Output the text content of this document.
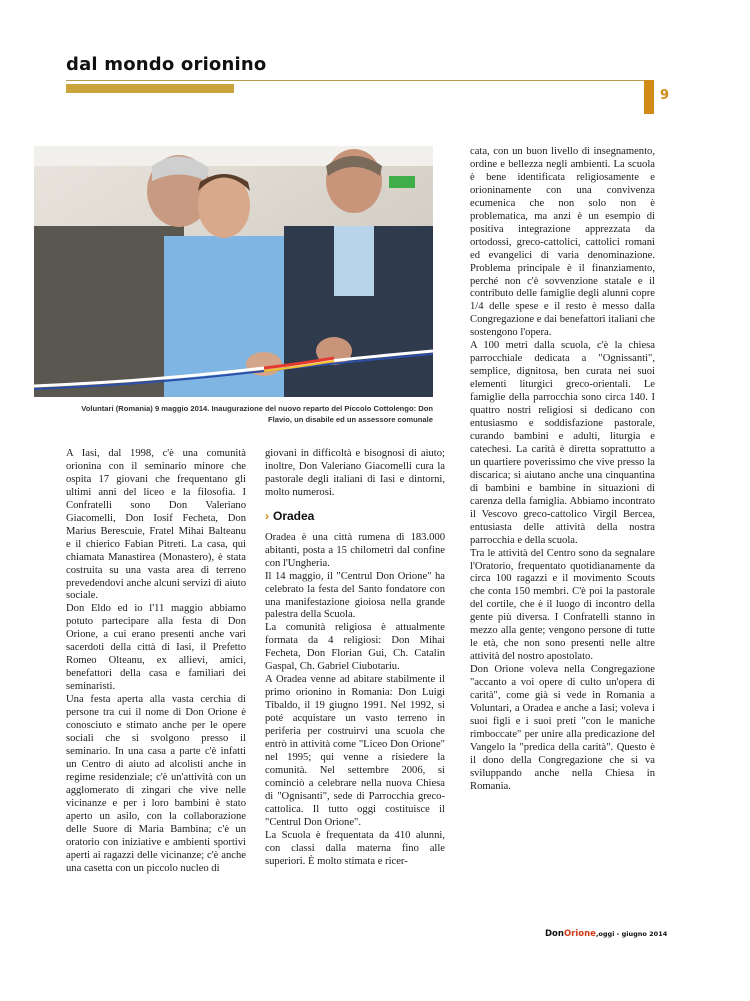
dal mondo orionino
9
Voluntari (Romania) 9 maggio 2014. Inaugurazione del nuovo reparto del Piccolo Cottolengo: Don Flavio, un disabile ed un assessore comunale

A Iasi, dal 1998, c'è una comunità orionina con il seminario minore che ospita 17 giovani che frequentano gli ultimi anni del liceo e la filosofia. I Confratelli sono Don Valeriano Giacomelli, Don Iosif Fecheta, Don Marius Berescuie, Fratel Mihai Balteanu e il chierico Fabian Pitreti. La casa, qui chiamata Manastirea (Monastero), è stata costruita su una vasta area di terreno prevedendovi anche alcuni servizi di aiuto sociale.

Don Eldo ed io l'11 maggio abbiamo potuto partecipare alla festa di Don Orione, a cui erano presenti anche vari sacerdoti della città di Iasi, il Prefetto Romeo Olteanu, ex allievi, amici, benefattori della casa e familiari dei seminaristi.

Una festa aperta alla vasta cerchia di persone tra cui il nome di Don Orione è conosciuto e stimato anche per le opere sociali che si svolgono presso il seminario. In una casa a parte c'è infatti un Centro di aiuto ad alcolisti anche in regime residenziale; c'è un'attività con un agglomerato di zingari che vive nelle vicinanze e per i loro bambini è stato aperto un asilo, con la collaborazione delle Suore di Maria Bambina; c'è un oratorio con iniziative e ambienti sportivi aperti ai ragazzi delle vicinanze; c'è anche una casetta con un piccolo nucleo di

giovani in difficoltà e bisognosi di aiuto; inoltre, Don Valeriano Giacomelli cura la pastorale degli italiani di Iasi e dintorni, molto numerosi.

› Oradea

Oradea è una città rumena di 183.000 abitanti, posta a 15 chilometri dal confine con l'Ungheria.

Il 14 maggio, il "Centrul Don Orione" ha celebrato la festa del Santo fondatore con una manifestazione gioiosa nella grande palestra della Scuola.

La comunità religiosa è attualmente formata da 4 religiosi: Don Mihai Fecheta, Don Florian Gui, Ch. Catalin Gaspal, Ch. Gabriel Ciubotariu.

A Oradea venne ad abitare stabilmente il primo orionino in Romania: Don Luigi Tibaldo, il 19 giugno 1991. Nel 1992, si poté acquistare un vasto terreno in periferia per costruirvi una scuola che entrò in attività come "Liceo Don Orione" nel 1995; qui venne a risiedere la comunità. Nel settembre 2006, si cominciò a celebrare nella nuova Chiesa di "Ognisanti", sede di Parrocchia greco-cattolica. Il tutto oggi costituisce il "Centrul Don Orione".

La Scuola è frequentata da 410 alunni, con classi dalla materna fino alle superiori. È molto stimata e ricer-

cata, con un buon livello di insegnamento, ordine e bellezza negli ambienti. La scuola è bene identificata religiosamente e orioninamente con una convivenza ecumenica che non solo non è problematica, ma anzi è un esempio di positiva integrazione apprezzata da ortodossi, greco-cattolici, cattolici romani ed evangelici di varia denominazione. Problema principale è il finanziamento, perché non c'è sovvenzione statale e il contributo delle famiglie degli alunni copre 1/4 delle spese e il resto è messo dalla Congregazione e dai benefattori italiani che sostengono l'opera.

A 100 metri dalla scuola, c'è la chiesa parrocchiale dedicata a "Ognissanti", semplice, dignitosa, ben curata nei suoi elementi liturgici greco-orientali. Le famiglie della parrocchia sono circa 140. I quattro nostri religiosi si dedicano con entusiasmo e soddisfazione pastorale, curando bambini e adulti, liturgia e catechesi. La carità è diretta soprattutto a un quartiere poverissimo che vive presso la discarica; si aiutano anche una cinquantina di bambini e bambine in situazioni di carenza della famiglia. Abbiamo incontrato il Vescovo greco-cattolico Virgil Bercea, entusiasta delle attività della nostra parrocchia e della scuola.

Tra le attività del Centro sono da segnalare l'Oratorio, frequentato quotidianamente da circa 100 ragazzi e il movimento Scouts che conta 150 membri. C'è poi la pastorale del cortile, che è il luogo di incontro della gente più diversa. I Confratelli stanno in mezzo alla gente; vengono persone di tutte le età, che non sono presenti nelle altre attività del nostro apostolato.

Don Orione voleva nella Congregazione "accanto a voi opere di culto un'opera di carità", come già si vede in Romania a Voluntari, a Oradea e anche a Iasi; voleva i suoi figli e i suoi preti "con le maniche rimboccate" per unire alla predicazione del Vangelo la "predica della carità". Questo è il dono della Congregazione che si va sviluppando anche nella Chiesa in Romania.

DonOrione,oggi - giugno 2014
